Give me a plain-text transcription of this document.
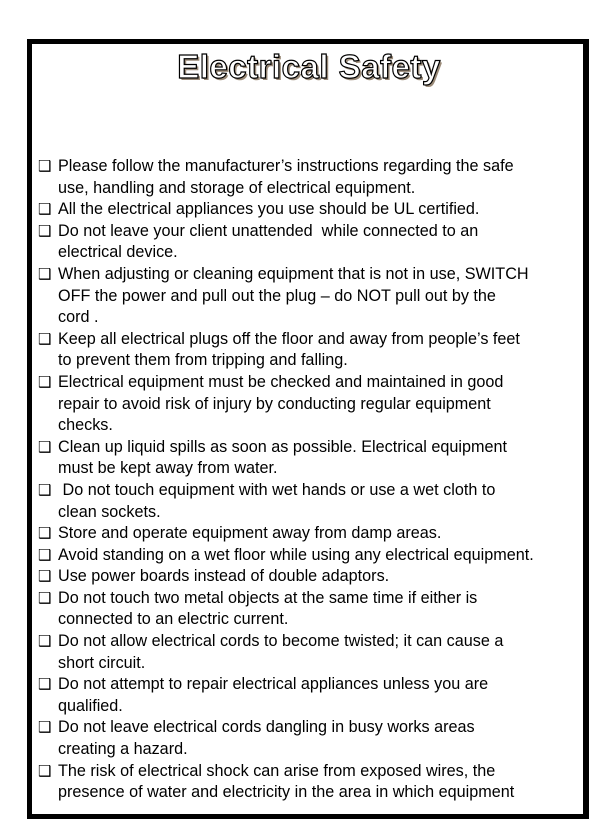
Electrical Safety
❑ Please follow the manufacturer’s instructions regarding the safe
use, handling and storage of electrical equipment.
❑ All the electrical appliances you use should be UL certified.
❑ Do not leave your client unattended  while connected to an
electrical device.
❑ When adjusting or cleaning equipment that is not in use, SWITCH
OFF the power and pull out the plug – do NOT pull out by the
cord .
❑ Keep all electrical plugs off the floor and away from people’s feet
to prevent them from tripping and falling.
❑ Electrical equipment must be checked and maintained in good
repair to avoid risk of injury by conducting regular equipment
checks.
❑ Clean up liquid spills as soon as possible. Electrical equipment
must be kept away from water.
❑ Do not touch equipment with wet hands or use a wet cloth to
clean sockets.
❑ Store and operate equipment away from damp areas.
❑ Avoid standing on a wet floor while using any electrical equipment.
❑ Use power boards instead of double adaptors.
❑ Do not touch two metal objects at the same time if either is
connected to an electric current.
❑ Do not allow electrical cords to become twisted; it can cause a
short circuit.
❑ Do not attempt to repair electrical appliances unless you are
qualified.
❑ Do not leave electrical cords dangling in busy works areas
creating a hazard.
❑ The risk of electrical shock can arise from exposed wires, the
presence of water and electricity in the area in which equipment
